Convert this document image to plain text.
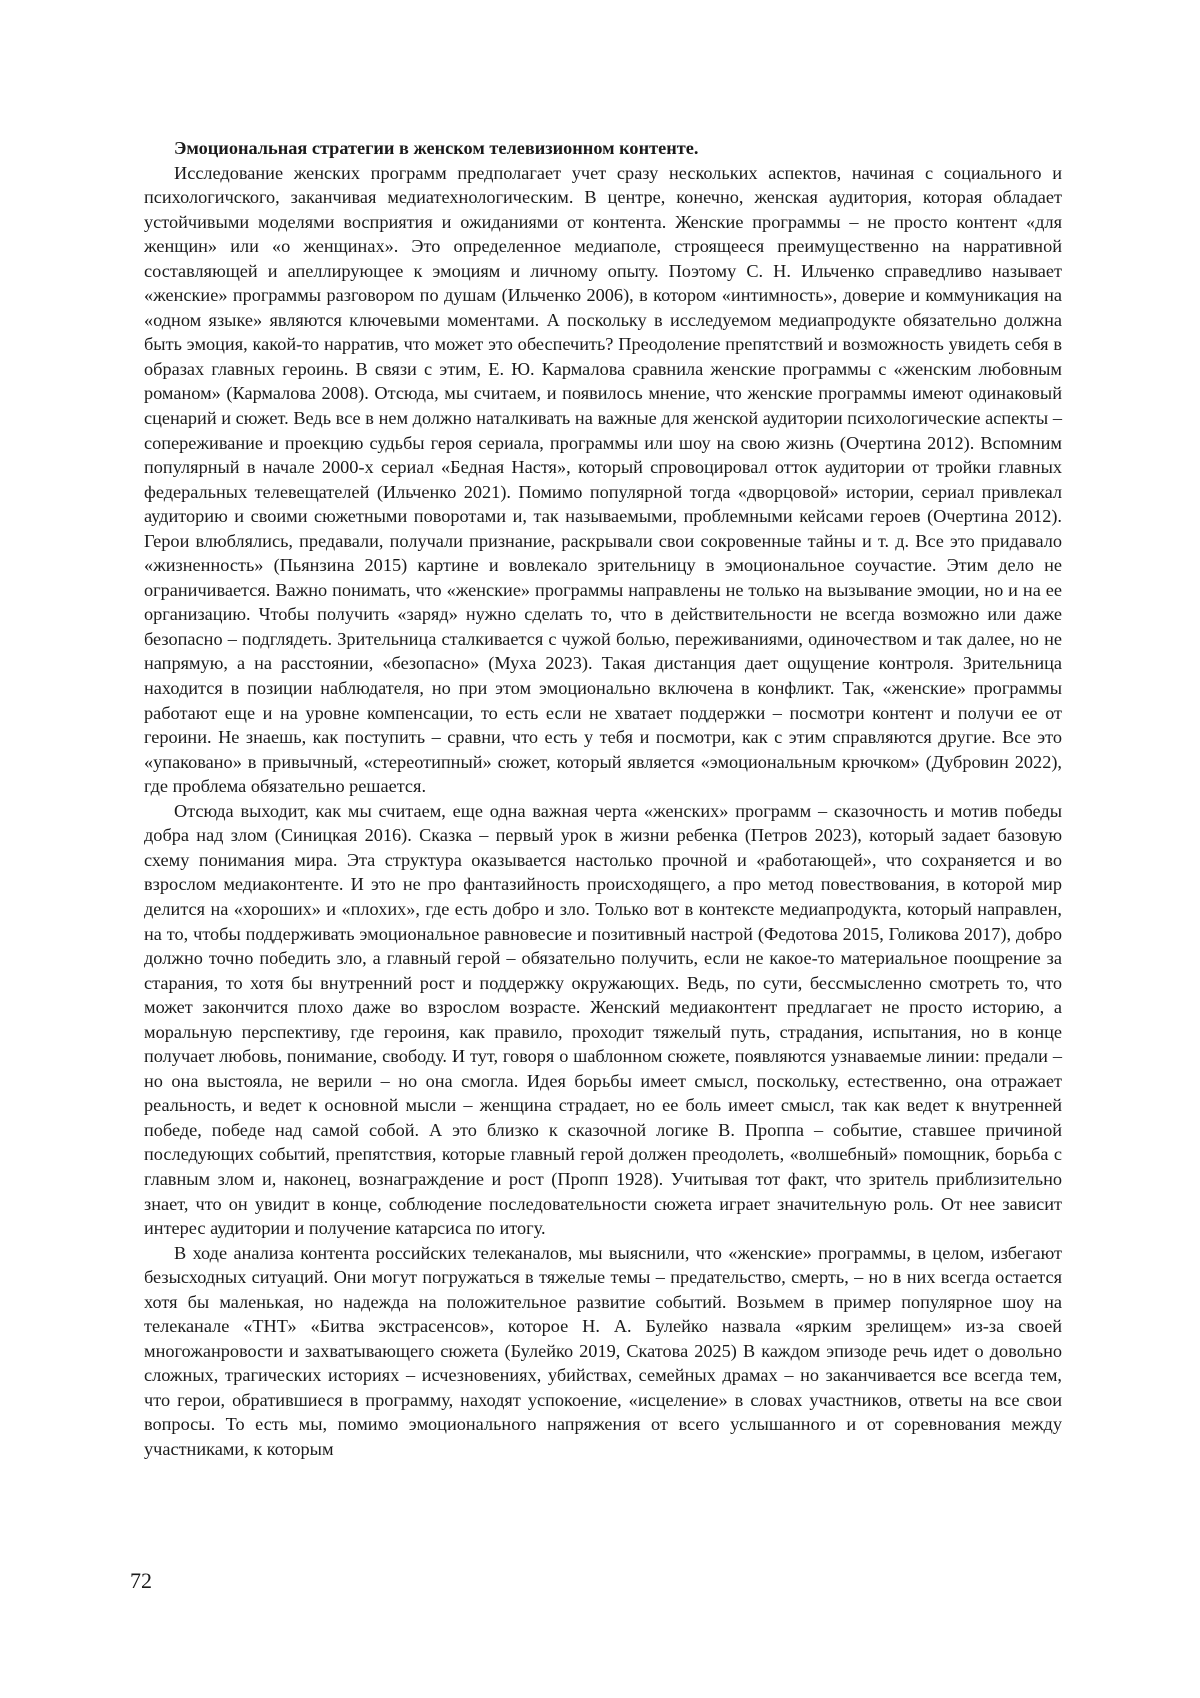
Эмоциональная стратегии в женском телевизионном контенте.

Исследование женских программ предполагает учет сразу нескольких аспектов, начиная с социального и психологичского, заканчивая медиатехнологическим. В центре, конечно, женская аудитория, которая обладает устойчивыми моделями восприятия и ожиданиями от контента. Женские программы – не просто контент «для женщин» или «о женщинах». Это определенное медиаполе, строящееся преимущественно на нарративной составляющей и апеллирующее к эмоциям и личному опыту. Поэтому С. Н. Ильченко справедливо называет «женские» программы разговором по душам (Ильченко 2006), в котором «интимность», доверие и коммуникация на «одном языке» являются ключевыми моментами. А поскольку в исследуемом медиапродукте обязательно должна быть эмоция, какой-то нарратив, что может это обеспечить? Преодоление препятствий и возможность увидеть себя в образах главных героинь. В связи с этим, Е. Ю. Кармалова сравнила женские программы с «женским любовным романом» (Кармалова 2008). Отсюда, мы считаем, и появилось мнение, что женские программы имеют одинаковый сценарий и сюжет. Ведь все в нем должно наталкивать на важные для женской аудитории психологические аспекты – сопереживание и проекцию судьбы героя сериала, программы или шоу на свою жизнь (Очертина 2012). Вспомним популярный в начале 2000-х сериал «Бедная Настя», который спровоцировал отток аудитории от тройки главных федеральных телевещателей (Ильченко 2021). Помимо популярной тогда «дворцовой» истории, сериал привлекал аудиторию и своими сюжетными поворотами и, так называемыми, проблемными кейсами героев (Очертина 2012). Герои влюблялись, предавали, получали признание, раскрывали свои сокровенные тайны и т. д. Все это придавало «жизненность» (Пьянзина 2015) картине и вовлекало зрительницу в эмоциональное соучастие. Этим дело не ограничивается. Важно понимать, что «женские» программы направлены не только на вызывание эмоции, но и на ее организацию. Чтобы получить «заряд» нужно сделать то, что в действительности не всегда возможно или даже безопасно – подглядеть. Зрительница сталкивается с чужой болью, переживаниями, одиночеством и так далее, но не напрямую, а на расстоянии, «безопасно» (Муха 2023). Такая дистанция дает ощущение контроля. Зрительница находится в позиции наблюдателя, но при этом эмоционально включена в конфликт. Так, «женские» программы работают еще и на уровне компенсации, то есть если не хватает поддержки – посмотри контент и получи ее от героини. Не знаешь, как поступить – сравни, что есть у тебя и посмотри, как с этим справляются другие. Все это «упаковано» в привычный, «стереотипный» сюжет, который является «эмоциональным крючком» (Дубровин 2022), где проблема обязательно решается.

Отсюда выходит, как мы считаем, еще одна важная черта «женских» программ – сказочность и мотив победы добра над злом (Синицкая 2016). Сказка – первый урок в жизни ребенка (Петров 2023), который задает базовую схему понимания мира. Эта структура оказывается настолько прочной и «работающей», что сохраняется и во взрослом медиаконтенте. И это не про фантазийность происходящего, а про метод повествования, в которой мир делится на «хороших» и «плохих», где есть добро и зло. Только вот в контексте медиапродукта, который направлен, на то, чтобы поддерживать эмоциональное равновесие и позитивный настрой (Федотова 2015, Голикова 2017), добро должно точно победить зло, а главный герой – обязательно получить, если не какое-то материальное поощрение за старания, то хотя бы внутренний рост и поддержку окружающих. Ведь, по сути, бессмысленно смотреть то, что может закончится плохо даже во взрослом возрасте. Женский медиаконтент предлагает не просто историю, а моральную перспективу, где героиня, как правило, проходит тяжелый путь, страдания, испытания, но в конце получает любовь, понимание, свободу. И тут, говоря о шаблонном сюжете, появляются узнаваемые линии: предали – но она выстояла, не верили – но она смогла. Идея борьбы имеет смысл, поскольку, естественно, она отражает реальность, и ведет к основной мысли – женщина страдает, но ее боль имеет смысл, так как ведет к внутренней победе, победе над самой собой. А это близко к сказочной логике В. Проппа – событие, ставшее причиной последующих событий, препятствия, которые главный герой должен преодолеть, «волшебный» помощник, борьба с главным злом и, наконец, вознаграждение и рост (Пропп 1928). Учитывая тот факт, что зритель приблизительно знает, что он увидит в конце, соблюдение последовательности сюжета играет значительную роль. От нее зависит интерес аудитории и получение катарсиса по итогу.

В ходе анализа контента российских телеканалов, мы выяснили, что «женские» программы, в целом, избегают безысходных ситуаций. Они могут погружаться в тяжелые темы – предательство, смерть, – но в них всегда остается хотя бы маленькая, но надежда на положительное развитие событий. Возьмем в пример популярное шоу на телеканале «ТНТ» «Битва экстрасенсов», которое Н. А. Булейко назвала «ярким зрелищем» из-за своей многожанровости и захватывающего сюжета (Булейко 2019, Скатова 2025) В каждом эпизоде речь идет о довольно сложных, трагических историях – исчезновениях, убийствах, семейных драмах – но заканчивается все всегда тем, что герои, обратившиеся в программу, находят успокоение, «исцеление» в словах участников, ответы на все свои вопросы. То есть мы, помимо эмоционального напряжения от всего услышанного и от соревнования между участниками, к которым

72
